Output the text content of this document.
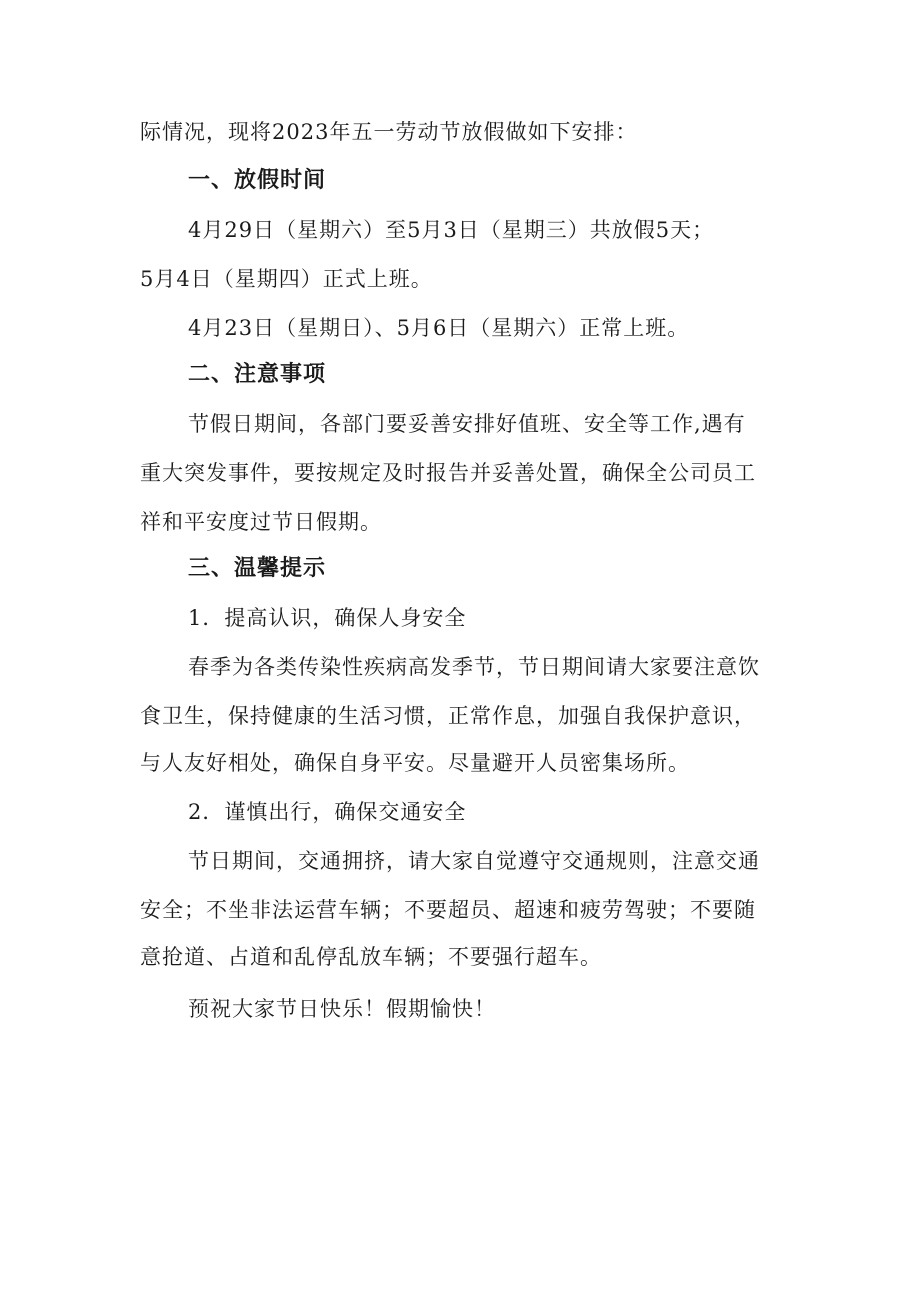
际情况，现将2023年五一劳动节放假做如下安排：
一、放假时间
4月29日（星期六）至5月3日（星期三）共放假5天；
5月4日（星期四）正式上班。
4月23日（星期日）、5月6日（星期六）正常上班。
二、注意事项
节假日期间，各部门要妥善安排好值班、安全等工作,遇有
重大突发事件，要按规定及时报告并妥善处置，确保全公司员工
祥和平安度过节日假期。
三、温馨提示
1．提高认识，确保人身安全
春季为各类传染性疾病高发季节，节日期间请大家要注意饮
食卫生，保持健康的生活习惯，正常作息，加强自我保护意识，
与人友好相处，确保自身平安。尽量避开人员密集场所。
2．谨慎出行，确保交通安全
节日期间，交通拥挤，请大家自觉遵守交通规则，注意交通
安全；不坐非法运营车辆；不要超员、超速和疲劳驾驶；不要随
意抢道、占道和乱停乱放车辆；不要强行超车。
预祝大家节日快乐！假期愉快！
